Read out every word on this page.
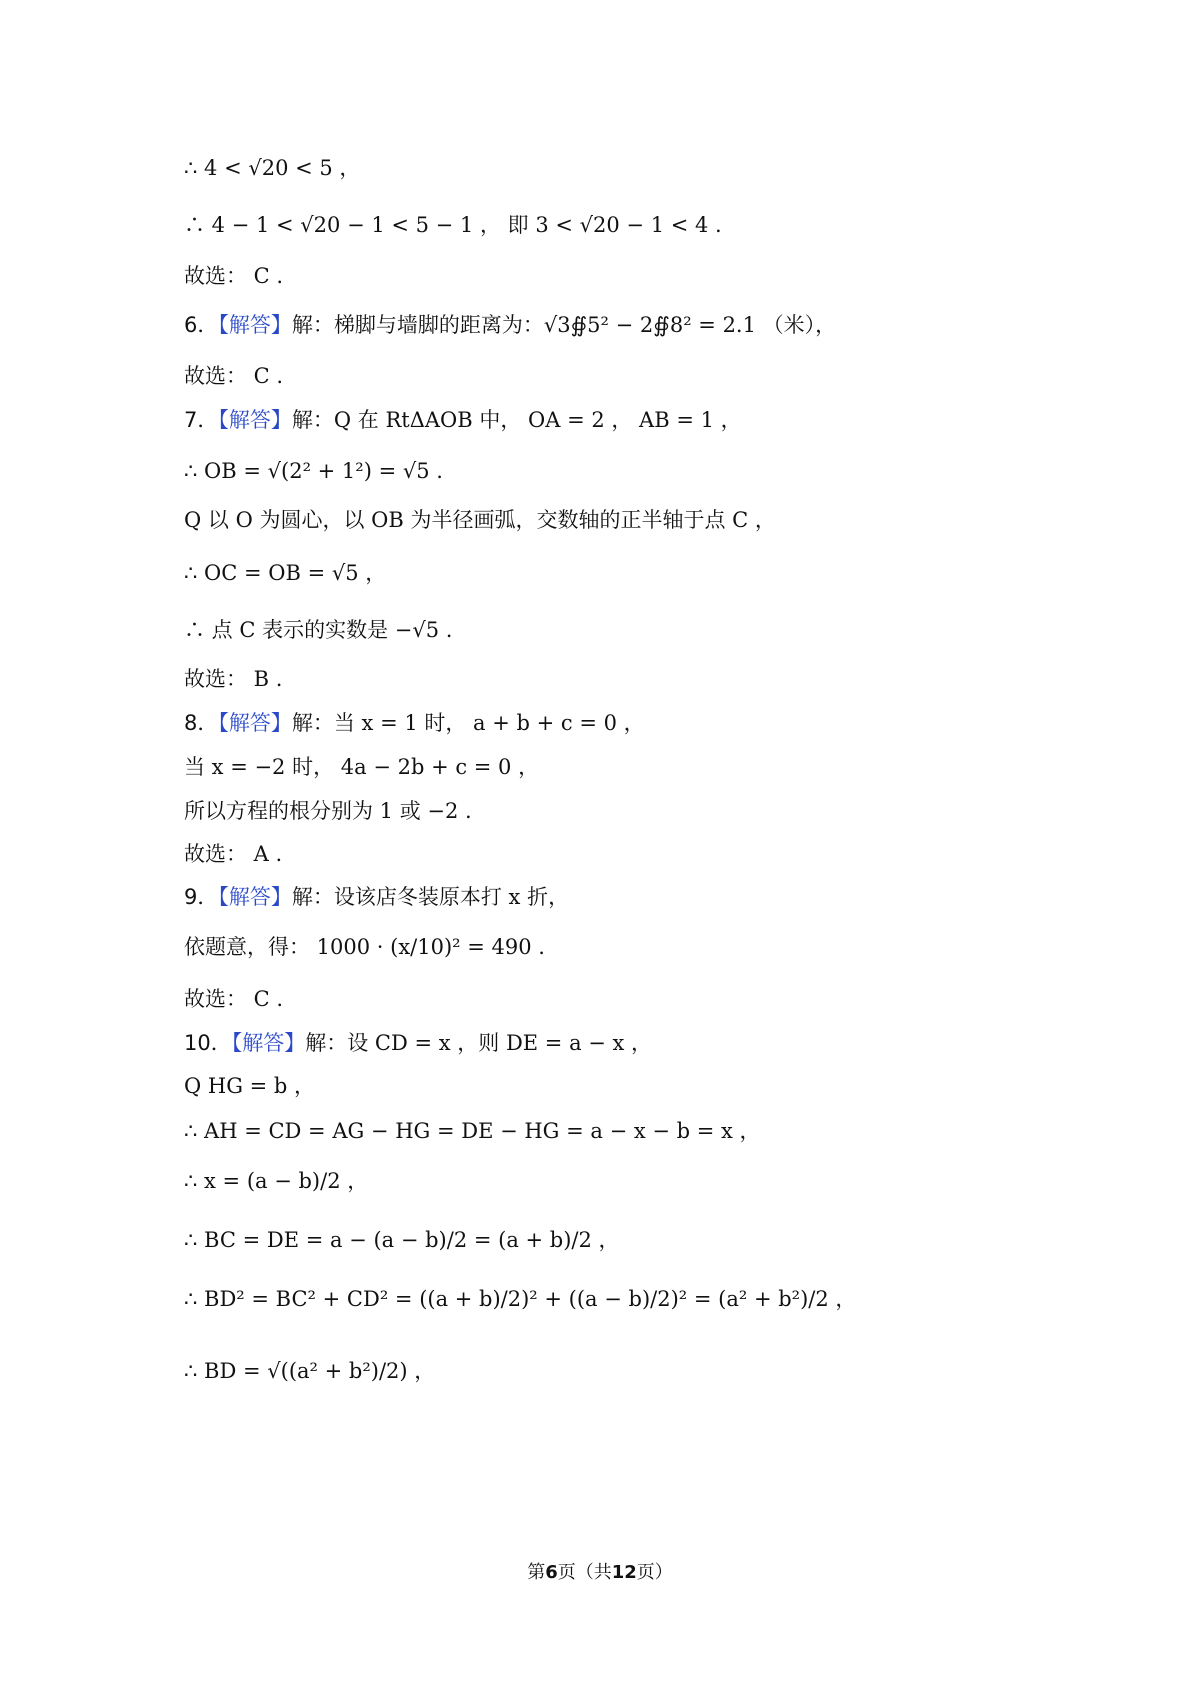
∴ 4 < √20 < 5 ，
∴ 4 − 1 < √20 − 1 < 5 − 1 ， 即 3 < √20 − 1 < 4 .
故选： C .
6．【解答】解：梯脚与墙脚的距离为：√3∯5² − 2∯8² = 2.1 （米），
故选： C .
7．【解答】解：Q 在 RtΔAOB 中， OA = 2 ， AB = 1 ，
∴ OB = √(2² + 1²) = √5 .
Q 以 O 为圆心，以 OB 为半径画弧，交数轴的正半轴于点 C ，
∴ OC = OB = √5 ，
∴ 点 C 表示的实数是 −√5 .
故选： B .
8．【解答】解：当 x = 1 时， a + b + c = 0 ，
当 x = −2 时， 4a − 2b + c = 0 ，
所以方程的根分别为 1 或 −2 .
故选： A .
9．【解答】解：设该店冬装原本打 x 折，
依题意，得： 1000 · (x/10)² = 490 .
故选： C .
10．【解答】解：设 CD = x ，则 DE = a − x ，
Q HG = b ，
∴ AH = CD = AG − HG = DE − HG = a − x − b = x ，
∴ x = (a − b)/2 ，
∴ BC = DE = a − (a − b)/2 = (a + b)/2 ，
∴ BD² = BC² + CD² = ((a + b)/2)² + ((a − b)/2)² = (a² + b²)/2 ，
∴ BD = √((a² + b²)/2) ，
第6页（共12页）
